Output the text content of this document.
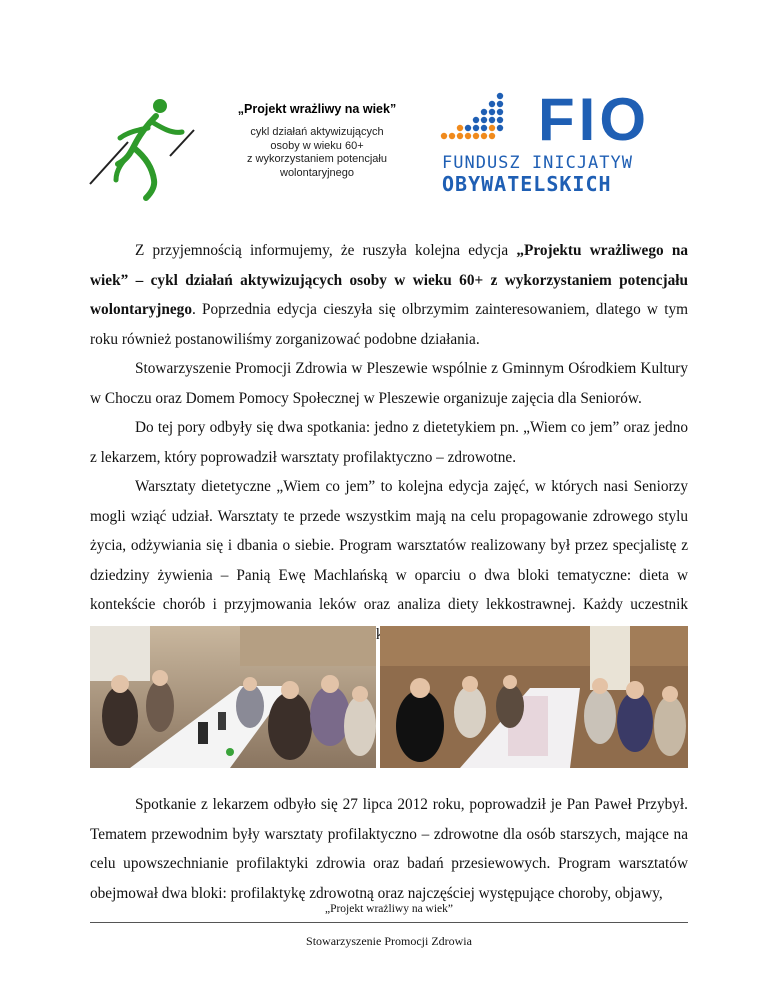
„Projekt wrażliwy na wiek”
cykl działań aktywizujących
osoby w wieku 60+
z wykorzystaniem potencjału
wolontaryjnego
FIO
FUNDUSZ INICJATYW
OBYWATELSKICH

Z przyjemnością informujemy, że ruszyła kolejna edycja „Projektu wrażliwego na wiek” – cykl działań aktywizujących osoby w wieku 60+ z wykorzystaniem potencjału wolontaryjnego. Poprzednia edycja cieszyła się olbrzymim zainteresowaniem, dlatego w tym roku również postanowiliśmy zorganizować podobne działania.

Stowarzyszenie Promocji Zdrowia w Pleszewie wspólnie z Gminnym Ośrodkiem Kultury w Choczu oraz Domem Pomocy Społecznej w Pleszewie organizuje zajęcia dla Seniorów.

Do tej pory odbyły się dwa spotkania: jedno z dietetykiem pn. „Wiem co jem” oraz jedno z lekarzem, który poprowadził warsztaty profilaktyczno – zdrowotne.

Warsztaty dietetyczne „Wiem co jem” to kolejna edycja zajęć, w których nasi Seniorzy mogli wziąć udział. Warsztaty te przede wszystkim mają na celu propagowanie zdrowego stylu życia, odżywiania się i dbania o siebie. Program warsztatów realizowany był przez specjalistę z dziedziny żywienia – Panią Ewę Machlańską w oparciu o dwa bloki tematyczne: dieta w kontekście chorób i przyjmowania leków oraz analiza diety lekkostrawnej. Każdy uczestnik

Spotkanie z lekarzem odbyło się 27 lipca 2012 roku, poprowadził je Pan Paweł Przybył. Tematem przewodnim były warsztaty profilaktyczno – zdrowotne dla osób starszych, mające na celu upowszechnianie profilaktyki zdrowia oraz badań przesiewowych. Program warsztatów obejmował dwa bloki: profilaktykę zdrowotną oraz najczęściej występujące choroby, objawy,

„Projekt wrażliwy na wiek”
Stowarzyszenie Promocji Zdrowia
